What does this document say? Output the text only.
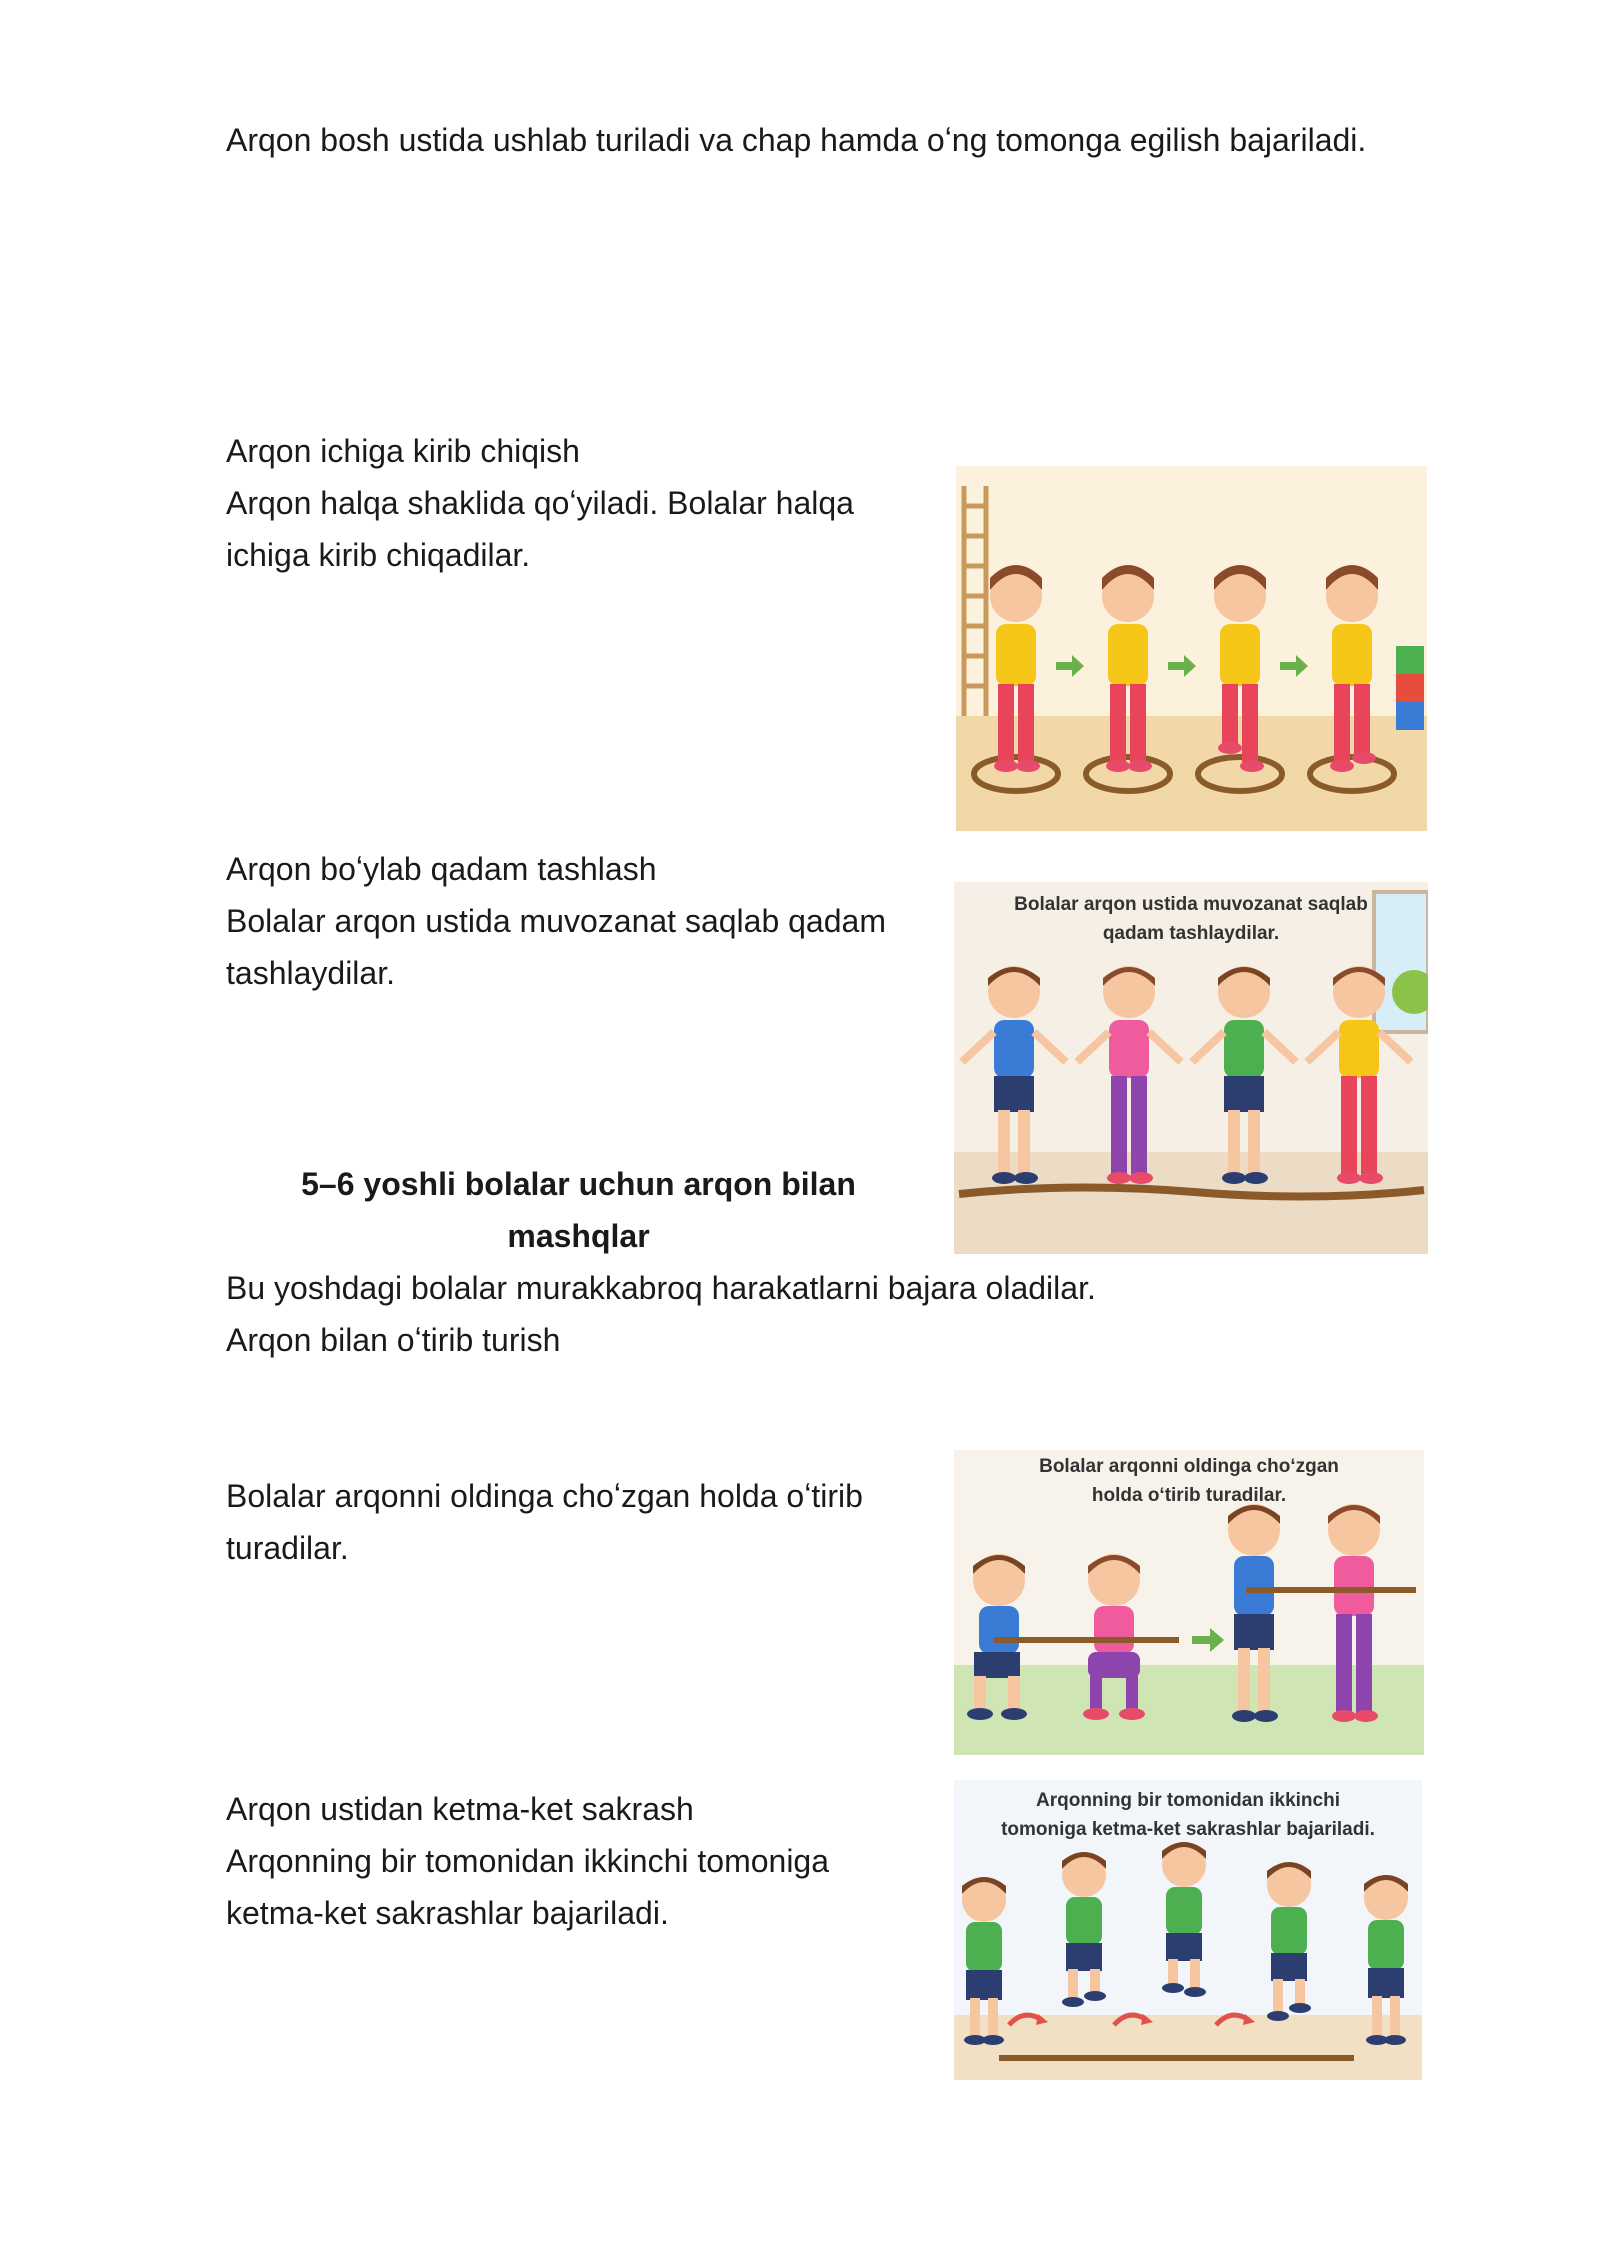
Arqon bosh ustida ushlab turiladi va chap hamda oʻng tomonga egilish bajariladi.

Arqon ichiga kirib chiqish

Arqon halqa shaklida qoʻyiladi. Bolalar halqa

ichiga kirib chiqadilar.

Arqon boʻylab qadam tashlash

Bolalar arqon ustida muvozanat saqlab qadam

tashlaydilar.

Bolalar arqon ustida muvozanat saqlab
qadam tashlaydilar.
5–6 yoshli bolalar uchun arqon bilan
mashqlar

Bu yoshdagi bolalar murakkabroq harakatlarni bajara oladilar.

Arqon bilan oʻtirib turish

Bolalar arqonni oldinga choʻzgan holda oʻtirib

turadilar.

Bolalar arqonni oldinga choʻzgan
holda oʻtirib turadilar.

Arqon ustidan ketma-ket sakrash

Arqonning bir tomonidan ikkinchi tomoniga

ketma-ket sakrashlar bajariladi.

Arqonning bir tomonidan ikkinchi
tomoniga ketma-ket sakrashlar bajariladi.
